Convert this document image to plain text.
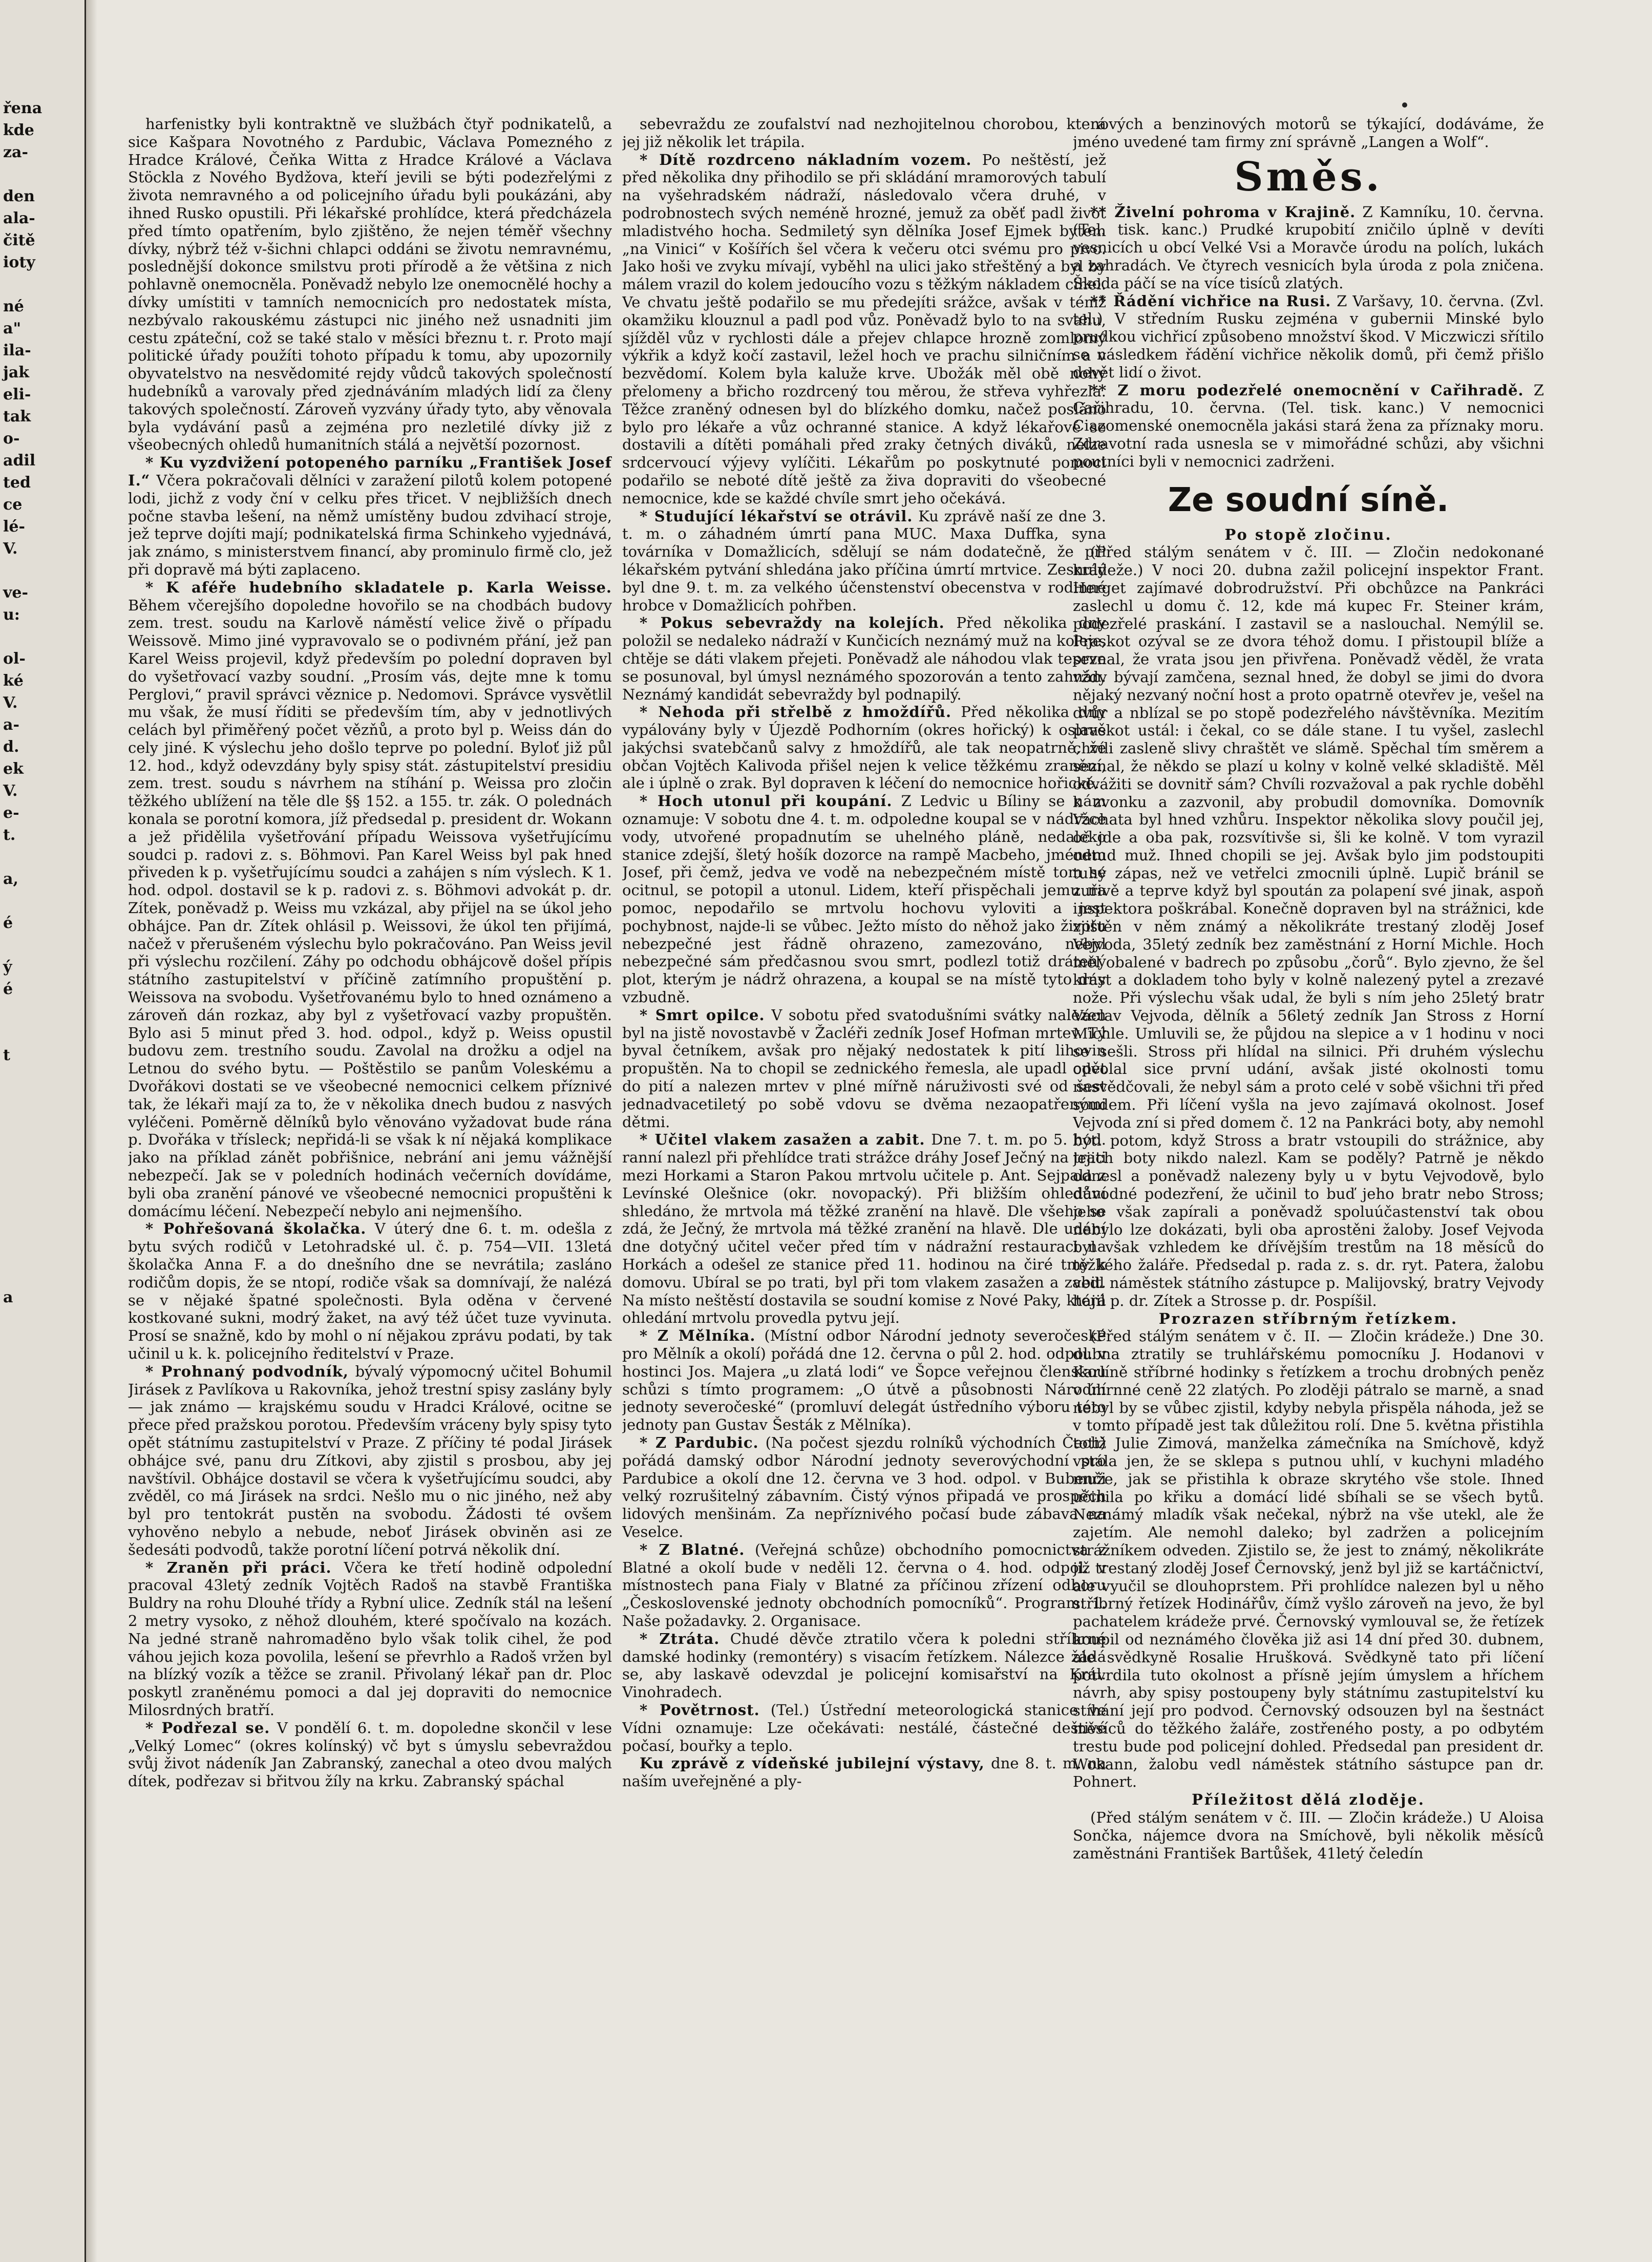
řena
kde
za-
den
ala-
čitě
ioty
né
a"
ila-
jak
eli-
tak
o-
adil
ted
ce
lé-
V.
ve-
u:
ol-
ké
V.
a-
d.
ek
V.
e-
t.
a,
é
ý
é
t
a

harfenistky byli kontraktně ve službách čtyř podnikatelů, a sice Kašpara Novotného z Pardubic, Václava Pomezného z Hradce Králové, Čeňka Witta z Hradce Králové a Václava Stöckla z Nového Bydžova, kteří jevili se býti podezřelými z života nemravného a od policejního úřadu byli poukázáni, aby ihned Rusko opustili. Při lékařské prohlídce, která předcházela před tímto opatřením, bylo zjištěno, že nejen téměř všechny dívky, nýbrž též v-šichni chlapci oddáni se životu nemravnému, poslednější dokonce smilstvu proti přírodě a že většina z nich pohlavně onemocněla. Poněvadž nebylo lze onemocnělé hochy a dívky umístiti v tamních nemocnicích pro nedostatek místa, nezbývalo rakouskému zástupci nic jiného než usnadniti jim cestu zpáteční, což se také stalo v měsíci březnu t. r. Proto mají politické úřady použíti tohoto případu k tomu, aby upozornily obyvatelstvo na nesvědomité rejdy vůdců takových společností hudebníků a varovaly před zjednáváním mladých lidí za členy takových společností. Zároveň vyzvány úřady tyto, aby věnovala byla vydávání pasů a zejména pro nezletilé dívky již z všeobecných ohledů humanitních stálá a největší pozornost.

* Ku vyzdvižení potopeného parníku „František Josef I.“ Včera pokračovali dělníci v zaražení pilotů kolem potopené lodi, jichž z vody ční v celku přes třicet. V nejbližších dnech počne stavba lešení, na němž umístěny budou zdvihací stroje, jež teprve dojíti mají; podnikatelská firma Schinkeho vyjednává, jak známo, s ministerstvem financí, aby prominulo firmě clo, jež při dopravě má býti zaplaceno.

* K aféře hudebního skladatele p. Karla Weisse. Během včerejšího dopoledne hovořilo se na chodbách budovy zem. trest. soudu na Karlově náměstí velice živě o případu Weissově. Mimo jiné vypravovalo se o podivném přání, jež pan Karel Weiss projevil, když především po polední dopraven byl do vyšetřovací vazby soudní. „Prosím vás, dejte mne k tomu Perglovi,“ pravil správci věznice p. Nedomovi. Správce vysvětlil mu však, že musí říditi se především tím, aby v jednotlivých celách byl přiměřený počet vězňů, a proto byl p. Weiss dán do cely jiné. K výslechu jeho došlo teprve po polední. Byloť již půl 12. hod., když odevzdány byly spisy stát. zástupitelství presidiu zem. trest. soudu s návrhem na stíhání p. Weissa pro zločin těžkého ublížení na těle dle §§ 152. a 155. tr. zák. O polednách konala se porotní komora, jíž předsedal p. president dr. Wokann a jež přidělila vyšetřování případu Weissova vyšetřujícímu soudci p. radovi z. s. Böhmovi. Pan Karel Weiss byl pak hned přiveden k p. vyšetřujícímu soudci a zahájen s ním výslech. K 1. hod. odpol. dostavil se k p. radovi z. s. Böhmovi advokát p. dr. Zítek, poněvadž p. Weiss mu vzkázal, aby přijel na se úkol jeho obhájce. Pan dr. Zítek ohlásil p. Weissovi, že úkol ten přijímá, načež v přerušeném výslechu bylo pokračováno. Pan Weiss jevil při výslechu rozčilení. Záhy po odchodu obhájcově došel přípis státního zastupitelství v příčině zatímního propuštění p. Weissova na svobodu. Vyšetřovanému bylo to hned oznámeno a zároveň dán rozkaz, aby byl z vyšetřovací vazby propuštěn. Bylo asi 5 minut před 3. hod. odpol., když p. Weiss opustil budovu zem. trestního soudu. Zavolal na drožku a odjel na Letnou do svého bytu. — Poštěstilo se panům Voleskému a Dvořákovi dostati se ve všeobecné nemocnici celkem příznivé tak, že lékaři mají za to, že v několika dnech budou z nasvých vyléčeni. Poměrně dělníků bylo věnováno vyžadovat bude rána p. Dvořáka v třísleck; nepřidá-li se však k ní nějaká komplikace jako na příklad zánět pobřišnice, nebrání ani jemu vážnější nebezpečí. Jak se v poledních hodinách večerních dovídáme, byli oba zranění pánové ve všeobecné nemocnici propuštěni k domácímu léčení. Nebezpečí nebylo ani nejmenšího.

* Pohřešovaná školačka. V úterý dne 6. t. m. odešla z bytu svých rodičů v Letohradské ul. č. p. 754—VII. 13letá školačka Anna F. a do dnešního dne se nevrátila; zasláno rodičům dopis, že se ntopí, rodiče však sa domnívají, že nalézá se v nějaké špatné společnosti. Byla oděna v červené kostkované sukni, modrý žaket, na avý též účet tuze vyvinuta. Prosí se snažně, kdo by mohl o ní nějakou zprávu podati, by tak učinil u k. k. policejního ředitelství v Praze.

* Prohnaný podvodník, bývalý výpomocný učitel Bohumil Jirásek z Pavlíkova u Rakovníka, jehož trestní spisy zaslány byly — jak známo — krajskému soudu v Hradci Králové, ocitne se přece před pražskou porotou. Především vráceny byly spisy tyto opět státnímu zastupitelství v Praze. Z příčiny té podal Jirásek obhájce své, panu dru Zítkovi, aby zjistil s prosbou, aby jej navštívil. Obhájce dostavil se včera k vyšetřujícímu soudci, aby zvěděl, co má Jirásek na srdci. Nešlo mu o nic jiného, než aby byl pro tentokrát pustěn na svobodu. Žádosti té ovšem vyhověno nebylo a nebude, neboť Jirásek obviněn asi ze šedesáti podvodů, takže porotní líčení potrvá několik dní.

* Zraněn při práci. Včera ke třetí hodině odpolední pracoval 43letý zedník Vojtěch Radoš na stavbě Františka Buldry na rohu Dlouhé třídy a Rybní ulice. Zedník stál na lešení 2 metry vysoko, z něhož dlouhém, které spočívalo na kozách. Na jedné straně nahromaděno bylo však tolik cihel, že pod váhou jejich koza povolila, lešení se převrhlo a Radoš vržen byl na blízký vozík a těžce se zranil. Přivolaný lékař pan dr. Ploc poskytl zraněnému pomoci a dal jej dopraviti do nemocnice Milosrdných bratří.

* Podřezal se. V pondělí 6. t. m. dopoledne skončil v lese „Velký Lomec“ (okres kolínský) vč byt s úmyslu sebevraždou svůj život nádeník Jan Zabranský, zanechal a oteo dvou malých dítek, podřezav si břitvou žíly na krku. Zabranský spáchal

sebevraždu ze zoufalství nad nezhojitelnou chorobou, která jej již několik let trápila.

* Dítě rozdrceno nákladním vozem. Po neštěstí, jež před několika dny přihodilo se při skládání mramorových tabulí na vyšehradském nádraží, následovalo včera druhé, v podrobnostech svých neméně hrozné, jemuž za oběť padl život mladistvého hocha. Sedmiletý syn dělníka Josef Ejmek bytem „na Vinici“ v Košířích šel včera k večeru otci svému pro pivo. Jako hoši ve zvyku mívají, vyběhl na ulici jako střeštěný a byl by málem vrazil do kolem jedoucího vozu s těžkým nákladem cihel. Ve chvatu ještě podařilo se mu předejíti srážce, avšak v témž okamžiku klouznul a padl pod vůz. Poněvadž bylo to na svahu, sjížděl vůz v rychlosti dále a přejev chlapce hrozně zomlomý výkřik a když kočí zastavil, ležel hoch ve prachu silničním a v bezvědomí. Kolem byla kaluže krve. Ubožák měl obě nohy přelomeny a břicho rozdrcený tou měrou, že střeva vyhřezla. Těžce zraněný odnesen byl do blízkého domku, načež posláno bylo pro lékaře a vůz ochranné stanice. A když lékařové se dostavili a dítěti pomáhali před zraky četných diváků, nelze srdcervoucí výjevy vylíčiti. Lékařům po poskytnuté pomoci podařilo se neboté dítě ještě za živa dopraviti do všeobecné nemocnice, kde se každé chvíle smrt jeho očekává.

* Studující lékařství se otrávil. Ku zprávě naší ze dne 3. t. m. o záhadném úmrtí pana MUC. Maxa Duffka, syna továrníka v Domažlicích, sdělují se nám dodatečně, že při lékařském pytvání shledána jako příčina úmrtí mrtvice. Zesnulý byl dne 9. t. m. za velkého účenstenství obecenstva v rodinné hrobce v Domažlicích pohřben.

* Pokus sebevraždy na kolejích. Před několika dny položil se nedaleko nádraží v Kunčicích neznámý muž na koleje, chtěje se dáti vlakem přejeti. Poněvadž ale náhodou vlak teprve se posunoval, byl úmysl neznámého spozorován a tento zahnán. Neznámý kandidát sebevraždy byl podnapilý.

* Nehoda při střelbě z hmoždířů. Před několika dny vypálovány byly v Újezdě Podhorním (okres hořický) k oslavě jakýchsi svatebčanů salvy z hmoždířů, ale tak neopatrně, že občan Vojtěch Kalivoda přišel nejen k velice těžkému zranění, ale i úplně o zrak. Byl dopraven k léčení do nemocnice hořické.

* Hoch utonul při koupání. Z Ledvic u Bíliny se nám oznamuje: V sobotu dne 4. t. m. odpoledne koupal se v nádržce vody, utvořené propadnutím se uhelného pláně, nedaleko stanice zdejší, šletý hošík dozorce na rampě Macbeho, jménem Josef, při čemž, jedva ve vodě na nebezpečném místě tom se ocitnul, se potopil a utonul. Lidem, kteří přispěchali jemu na pomoc, nepodařilo se mrtvolu hochovu vyloviti a jest pochybnost, najde-li se vůbec. Ježto místo do něhož jako životu nebezpečné jest řádně ohrazeno, zamezováno, nebyl nebezpečné sám předčasnou svou smrt, podlezl totiž drátený plot, kterým je nádrž ohrazena, a koupal se na místě tyto dny vzbudně.

* Smrt opilce. V sobotu před svatodušními svátky nalezen byl na jistě novostavbě v Žacléři zedník Josef Hofman mrtev. Tý byval četníkem, avšak pro nějaký nedostatek k pití lihovin propuštěn. Na to chopil se zednického řemesla, ale upadl opět do pití a nalezen mrtev v plné mířně náruživosti své od šest jednadvacetiletý po sobě vdovu se dvěma nezaopatřenými dětmi.

* Učitel vlakem zasažen a zabit. Dne 7. t. m. po 5. hod. ranní nalezl při přehlídce trati strážce dráhy Josef Ječný na trati mezi Horkami a Staron Pakou mrtvolu učitele p. Ant. Sejpala z Levínské Olešnice (okr. novopacký). Při bližším ohledání shledáno, že mrtvola má těžké zranění na hlavě. Dle všeho se zdá, že Ječný, že mrtvola má těžké zranění na hlavě. Dle udání dne dotyčný učitel večer před tím v nádražní restauraci na Horkách a odešel ze stanice před 11. hodinou na čiré tmy k domovu. Ubíral se po trati, byl při tom vlakem zasažen a zabit. Na místo neštěstí dostavila se soudní komise z Nové Paky, která ohledání mrtvolu provedla pytvu její.

* Z Mělníka. (Místní odbor Národní jednoty severočeské pro Mělník a okolí) pořádá dne 12. června o půl 2. hod. odpol. v hostinci Jos. Majera „u zlatá lodi“ ve Šopce veřejnou členskou schůzi s tímto programem: „O útvě a působnosti Národní jednoty severočeské“ (promluví delegát ústředního výboru této jednoty pan Gustav Šesták z Mělníka).

* Z Pardubic. (Na počest sjezdu rolníků východních Čech) pořádá damský odbor Národní jednoty severovýchodní pro Pardubice a okolí dne 12. června ve 3 hod. odpol. v Bubenči velký rozrušitelný zábavním. Čistý výnos připadá ve prospěch lidových menšinám. Za nepříznivého počasí bude zábava na Veselce.

* Z Blatné. (Veřejná schůze) obchodního pomocnictva z Blatné a okolí bude v neděli 12. června o 4. hod. odpol. v místnostech pana Fialy v Blatné za příčinou zřízení odboru „Československé jednoty obchodních pomocníků“. Program: 1. Naše požadavky. 2. Organisace.

* Ztráta. Chudé děvče ztratilo včera k poledni stříbrné damské hodinky (remontéry) s visacím řetízkem. Nálezce žádá se, aby laskavě odevzdal je policejní komisařství na Král. Vinohradech.

* Povětrnost. (Tel.) Ústřední meteorologická stanice ve Vídni oznamuje: Lze očekávati: nestálé, částečné deštivé počasí, bouřky a teplo.

Ku zprávě z vídeňské jubilejní výstavy, dne 8. t. m. na naším uveřejněné a ply-

nových a benzinových motorů se týkající, dodáváme, že jméno uvedené tam firmy zní správně „Langen a Wolf“.

Směs.

** Živelní pohroma v Krajině. Z Kamníku, 10. června. (Tel. tisk. kanc.) Prudké krupobití zničilo úplně v devíti vesnicích u obcí Velké Vsi a Moravče úrodu na polích, lukách a zahradách. Ve čtyrech vesnicích byla úroda z pola zničena. Škoda páčí se na více tisíců zlatých.

** Řádění vichřice na Rusi. Z Varšavy, 10. června. (Zvl. tel.) V středním Rusku zejména v gubernii Minské bylo prudkou vichřicí způsobeno množství škod. V Miczwiczi sřítilo se následkem řádění vichřice několik domů, při čemž přišlo devět lidí o život.

** Z moru podezřelé onemocnění v Cařihradě. Z Cařihradu, 10. června. (Tel. tisk. kanc.) V nemocnici Ciazomenské onemocněla jakási stará žena za příznaky moru. Zdravotní rada usnesla se v mimořádné schůzi, aby všichni poutníci byli v nemocnici zadrženi.

Ze soudní síně.

Po stopě zločinu.

(Před stálým senátem v č. III. — Zločin nedokonané krádeže.) V noci 20. dubna zažil policejní inspektor Frant. Herget zajímavé dobrodružství. Při obchůzce na Pankráci zaslechl u domu č. 12, kde má kupec Fr. Steiner krám, podezřelé praskání. I zastavil se a naslouchal. Nemýlil se. Praskot ozýval se ze dvora téhož domu. I přistoupil blíže a seznal, že vrata jsou jen přivřena. Poněvadž věděl, že vrata vždy bývají zamčena, seznal hned, že dobyl se jimi do dvora nějaký nezvaný noční host a proto opatrně otevřev je, vešel na dvůr a nblízal se po stopě podezřelého návštěvníka. Mezitím praskot ustál: i čekal, co se dále stane. I tu vyšel, zaslechl chvíli zasleně slivy chraštět ve slámě. Spěchal tím směrem a seznal, že někdo se plazí u kolny v kolně velké skladiště. Měl odvážiti se dovnitř sám? Chvíli rozvažoval a pak rychle doběhl k zvonku a zazvonil, aby probudil domovníka. Domovník Vachata byl hned vzhůru. Inspektor několika slovy poučil jej, oč jde a oba pak, rozsvítivše si, šli ke kolně. V tom vyrazil odtud muž. Ihned chopili se jej. Avšak bylo jim podstoupiti tuhý zápas, než ve vetřelci zmocnili úplně. Lupič bránil se zuřivě a teprve když byl spoután za polapení své jinak, aspoň inspektora poškrábal. Konečně dopraven byl na strážnici, kde zjištěn v něm známý a několikráte trestaný zloděj Josef Vejvoda, 35letý zedník bez zaměstnání z Horní Michle. Hoch měl obalené v badrech po způsobu „čorů“. Bylo zjevno, že šel krást a dokladem toho byly v kolně nalezený pytel a zrezavé nože. Při výslechu však udal, že byli s ním jeho 25letý bratr Václav Vejvoda, dělník a 56letý zedník Jan Stross z Horní Michle. Umluvili se, že půjdou na slepice a v 1 hodinu v noci se sešli. Stross při hlídal na silnici. Při druhém výslechu odvolal sice první udání, avšak jisté okolnosti tomu nasvědčovali, že nebyl sám a proto celé v sobě všichni tři před soudem. Při líčení vyšla na jevo zajímavá okolnost. Josef Vejvoda zní si před domem č. 12 na Pankráci boty, aby nemohl býti potom, když Stross a bratr vstoupili do strážnice, aby jejich boty nikdo nalezl. Kam se poděly? Patrně je někdo odnesl a poněvadž nalezeny byly u v bytu Vejvodově, bylo důvodné podezření, že učinil to buď jeho bratr nebo Stross; jeho však zapírali a poněvadž spoluúčastenství tak obou nebylo lze dokázati, byli oba aprostěni žaloby. Josef Vejvoda byl však vzhledem ke dřívějším trestům na 18 měsíců do těžkého žaláře. Předsedal p. rada z. s. dr. ryt. Patera, žalobu vedl náměstek státního zástupce p. Malijovský, bratry Vejvody hájil p. dr. Zítek a Strosse p. dr. Pospíšil.

Prozrazen stříbrným řetízkem.

(Před stálým senátem v č. II. — Zločin krádeže.) Dne 30. dubna ztratily se truhlářskému pomocníku J. Hodanovi v Karlíně stříbrné hodinky s řetízkem a trochu drobných peněz v úhrnné ceně 22 zlatých. Po zloději pátralo se marně, a snad nebyl by se vůbec zjistil, kdyby nebyla přispěla náhoda, jež se v tomto případě jest tak důležitou rolí. Dne 5. května přistihla totiž Julie Zimová, manželka zámečníka na Smíchově, když vstála jen, že se sklepa s putnou uhlí, v kuchyni mladého muže, jak se přistihla k obraze skrytého vše stole. Ihned učinila po křiku a domácí lidé sbíhali se se všech bytů. Neznámý mladík však nečekal, nýbrž na vše utekl, ale že zajetím. Ale nemohl daleko; byl zadržen a policejním strážníkem odveden. Zjistilo se, že jest to známý, několikráte již trestaný zloděj Josef Černovský, jenž byl již se kartáčnictví, ale vyučil se dlouhoprstem. Při prohlídce nalezen byl u něho stříbrný řetízek Hodinářův, čímž vyšlo zároveň na jevo, že byl pachatelem krádeže prvé. Černovský vymlouval se, že řetízek koupil od neznámého člověka již asi 14 dní před 30. dubnem, ale svědkyně Rosalie Hrušková. Svědkyně tato při líčení potvrdila tuto okolnost a přísně jejím úmyslem a hříchem návrh, aby spisy postoupeny byly státnímu zastupitelství ku stíhání její pro podvod. Černovský odsouzen byl na šestnáct měsíců do těžkého žaláře, zostřeného posty, a po odbytém trestu bude pod policejní dohled. Předsedal pan president dr. Wokann, žalobu vedl náměstek státního sástupce pan dr. Pohnert.

Příležitost dělá zloděje.

(Před stálým senátem v č. III. — Zločin krádeže.) U Aloisa Sončka, nájemce dvora na Smíchově, byli několik měsíců zaměstnáni František Bartůšek, 41letý čeledín
